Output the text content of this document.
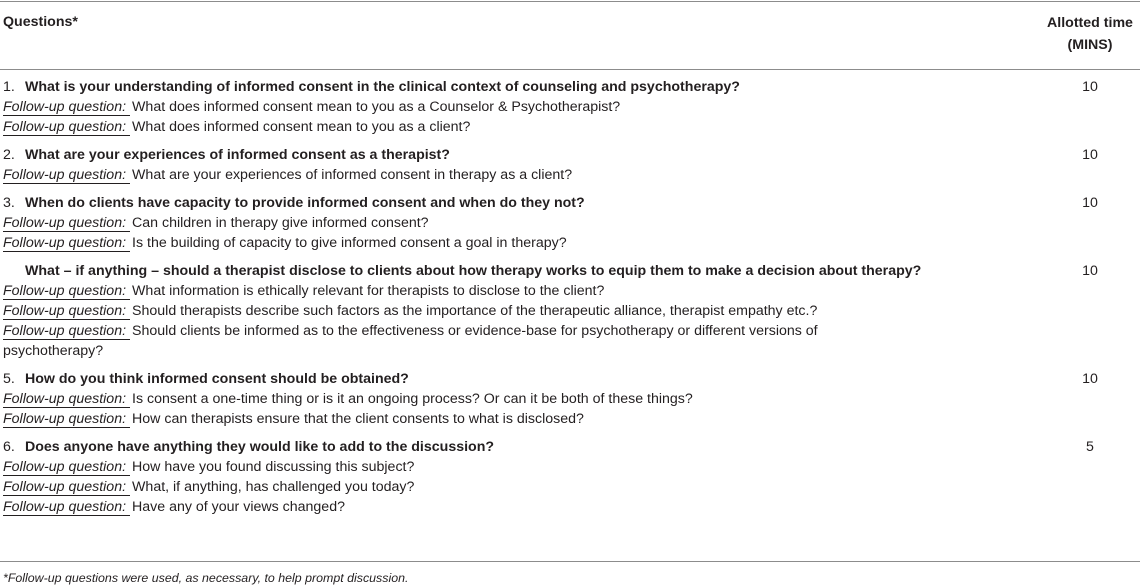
Questions*	Allotted time
(MINS)
1. What is your understanding of informed consent in the clinical context of counseling and psychotherapy?
Follow-up question: What does informed consent mean to you as a Counselor & Psychotherapist?
Follow-up question: What does informed consent mean to you as a client?
10
2. What are your experiences of informed consent as a therapist?
Follow-up question: What are your experiences of informed consent in therapy as a client?
10
3. When do clients have capacity to provide informed consent and when do they not?
Follow-up question: Can children in therapy give informed consent?
Follow-up question: Is the building of capacity to give informed consent a goal in therapy?
10
What – if anything – should a therapist disclose to clients about how therapy works to equip them to make a decision about therapy?
Follow-up question: What information is ethically relevant for therapists to disclose to the client?
Follow-up question: Should therapists describe such factors as the importance of the therapeutic alliance, therapist empathy etc.?
Follow-up question: Should clients be informed as to the effectiveness or evidence-base for psychotherapy or different versions of psychotherapy?
10
5. How do you think informed consent should be obtained?
Follow-up question: Is consent a one-time thing or is it an ongoing process? Or can it be both of these things?
Follow-up question: How can therapists ensure that the client consents to what is disclosed?
10
6. Does anyone have anything they would like to add to the discussion?
Follow-up question: How have you found discussing this subject?
Follow-up question: What, if anything, has challenged you today?
Follow-up question: Have any of your views changed?
5
*Follow-up questions were used, as necessary, to help prompt discussion.
